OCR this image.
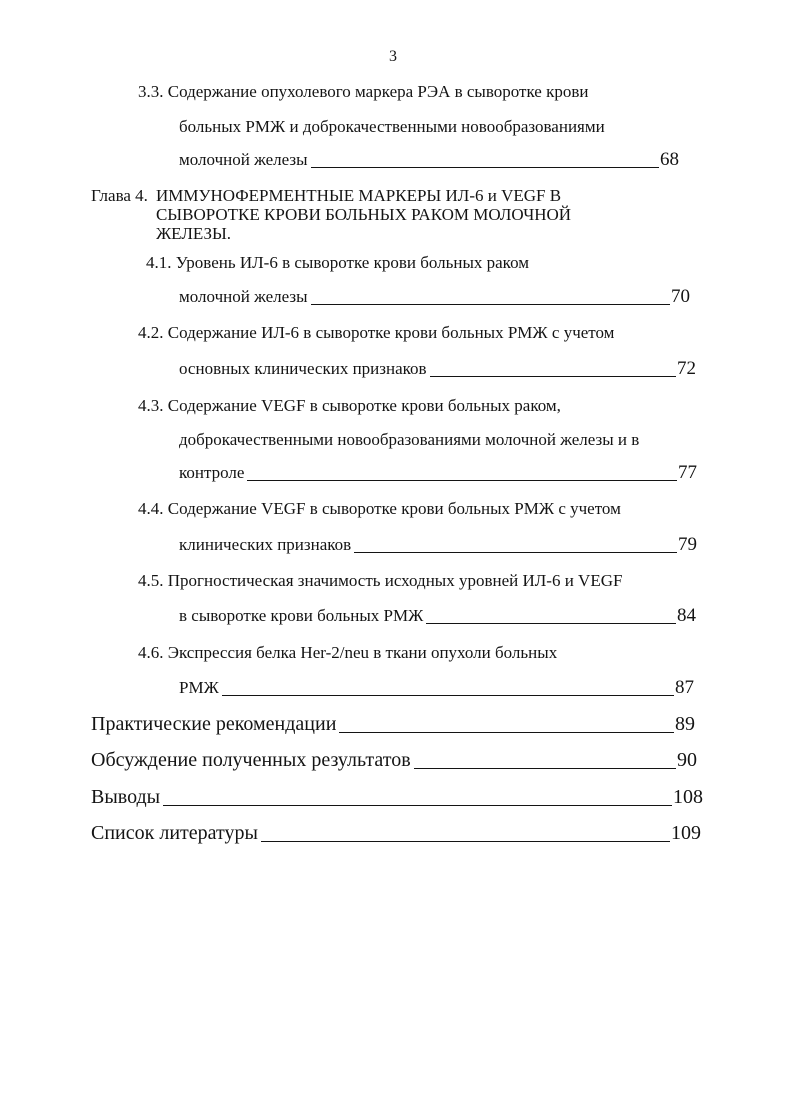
3
3.3. Содержание опухолевого маркера РЭА в сыворотке крови
больных РМЖ и доброкачественными новообразованиями
молочной железы	68
Глава 4. ИММУНОФЕРМЕНТНЫЕ МАРКЕРЫ ИЛ-6 и VEGF В
СЫВОРОТКЕ КРОВИ БОЛЬНЫХ РАКОМ МОЛОЧНОЙ
ЖЕЛЕЗЫ.
4.1. Уровень ИЛ-6 в сыворотке крови больных раком
молочной железы	70
4.2. Содержание ИЛ-6 в сыворотке крови больных РМЖ с учетом
основных клинических признаков	72
4.3. Содержание VEGF в сыворотке крови больных раком,
доброкачественными новообразованиями молочной железы и в
контроле	77
4.4. Содержание VEGF в сыворотке крови больных РМЖ с учетом
клинических признаков	79
4.5. Прогностическая значимость исходных уровней ИЛ-6 и VEGF
в сыворотке крови больных РМЖ	84
4.6. Экспрессия белка Her-2/neu в ткани опухоли больных
РМЖ	87
Практические рекомендации	89
Обсуждение полученных результатов	90
Выводы	108
Список литературы	109
